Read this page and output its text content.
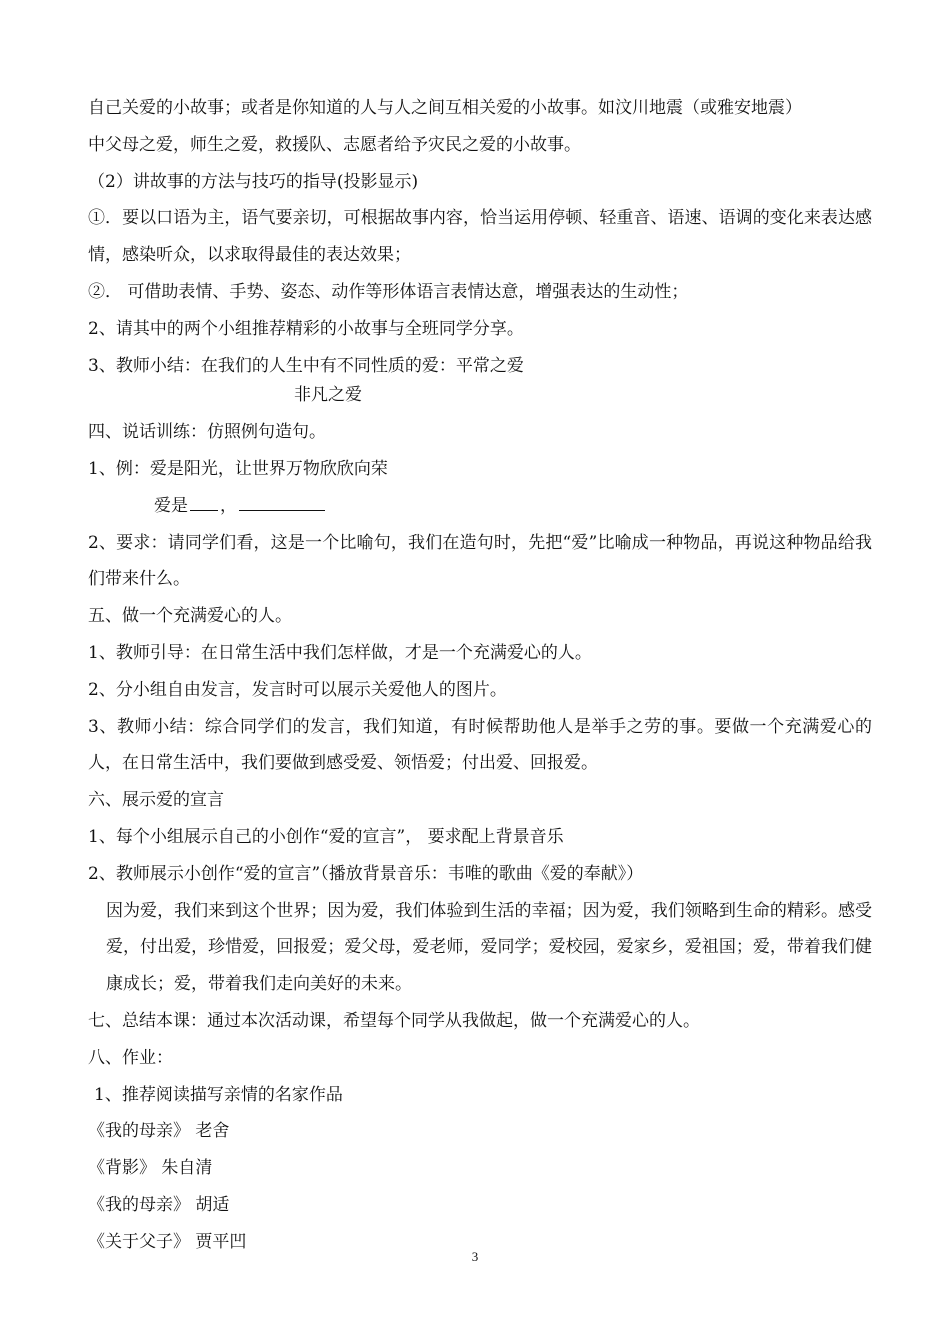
自己关爱的小故事；或者是你知道的人与人之间互相关爱的小故事。如汶川地震（或雅安地震）
中父母之爱，师生之爱，救援队、志愿者给予灾民之爱的小故事。
（2）讲故事的方法与技巧的指导(投影显示)
①．要以口语为主，语气要亲切，可根据故事内容，恰当运用停顿、轻重音、语速、语调的变化来表达感情，感染听众，以求取得最佳的表达效果；
②． 可借助表情、手势、姿态、动作等形体语言表情达意，增强表达的生动性；
2、请其中的两个小组推荐精彩的小故事与全班同学分享。
3、教师小结：在我们的人生中有不同性质的爱：平常之爱
非凡之爱
四、说话训练：仿照例句造句。
1、例：爱是阳光，让世界万物欣欣向荣
爱是 ，
2、要求：请同学们看，这是一个比喻句，我们在造句时，先把“爱”比喻成一种物品，再说这种物品给我们带来什么。
五、做一个充满爱心的人。
1、教师引导：在日常生活中我们怎样做，才是一个充满爱心的人。
2、分小组自由发言，发言时可以展示关爱他人的图片。
3、教师小结：综合同学们的发言，我们知道，有时候帮助他人是举手之劳的事。要做一个充满爱心的人，在日常生活中，我们要做到感受爱、领悟爱；付出爱、回报爱。
六、展示爱的宣言
1、每个小组展示自己的小创作“爱的宣言”， 要求配上背景音乐
2、教师展示小创作“爱的宣言”（播放背景音乐：韦唯的歌曲《爱的奉献》）
因为爱，我们来到这个世界；因为爱，我们体验到生活的幸福；因为爱，我们领略到生命的精彩。感受爱，付出爱，珍惜爱，回报爱；爱父母，爱老师，爱同学；爱校园，爱家乡，爱祖国；爱，带着我们健康成长；爱，带着我们走向美好的未来。
七、总结本课：通过本次活动课，希望每个同学从我做起，做一个充满爱心的人。
八、作业：
1、推荐阅读描写亲情的名家作品
《我的母亲》 老舍
《背影》 朱自清
《我的母亲》 胡适
《关于父子》 贾平凹
3
